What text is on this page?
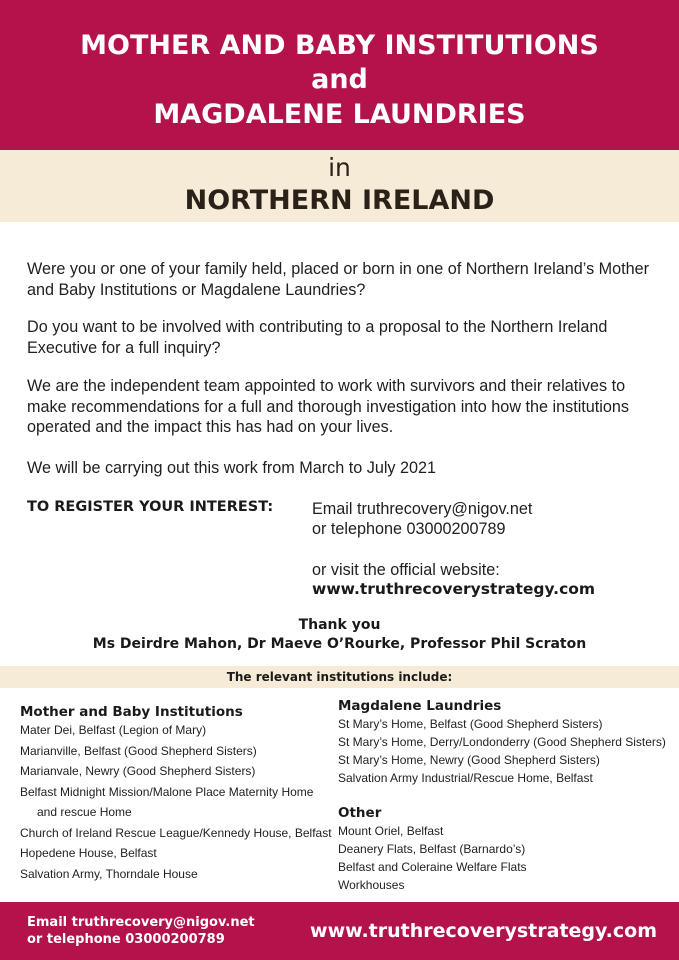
MOTHER AND BABY INSTITUTIONS
and
MAGDALENE LAUNDRIES
in
NORTHERN IRELAND
Were you or one of your family held, placed or born in one of Northern Ireland’s Mother and Baby Institutions or Magdalene Laundries?
Do you want to be involved with contributing to a proposal to the Northern Ireland Executive for a full inquiry?
We are the independent team appointed to work with survivors and their relatives to make recommendations for a full and thorough investigation into how the institutions operated and the impact this has had on your lives.
We will be carrying out this work from March to July 2021
TO REGISTER YOUR INTEREST: Email truthrecovery@nigov.net
or telephone 03000200789
or visit the official website:
www.truthrecoverystrategy.com
Thank you
Ms Deirdre Mahon, Dr Maeve O’Rourke, Professor Phil Scraton
The relevant institutions include:
Mother and Baby Institutions
Mater Dei, Belfast (Legion of Mary)
Marianville, Belfast (Good Shepherd Sisters)
Marianvale, Newry (Good Shepherd Sisters)
Belfast Midnight Mission/Malone Place Maternity Home
and rescue Home
Church of Ireland Rescue League/Kennedy House, Belfast
Hopedene House, Belfast
Salvation Army, Thorndale House
Magdalene Laundries
St Mary’s Home, Belfast (Good Shepherd Sisters)
St Mary’s Home, Derry/Londonderry (Good Shepherd Sisters)
St Mary’s Home, Newry (Good Shepherd Sisters)
Salvation Army Industrial/Rescue Home, Belfast
Other
Mount Oriel, Belfast
Deanery Flats, Belfast (Barnardo’s)
Belfast and Coleraine Welfare Flats
Workhouses
Email truthrecovery@nigov.net
or telephone 03000200789	www.truthrecoverystrategy.com
